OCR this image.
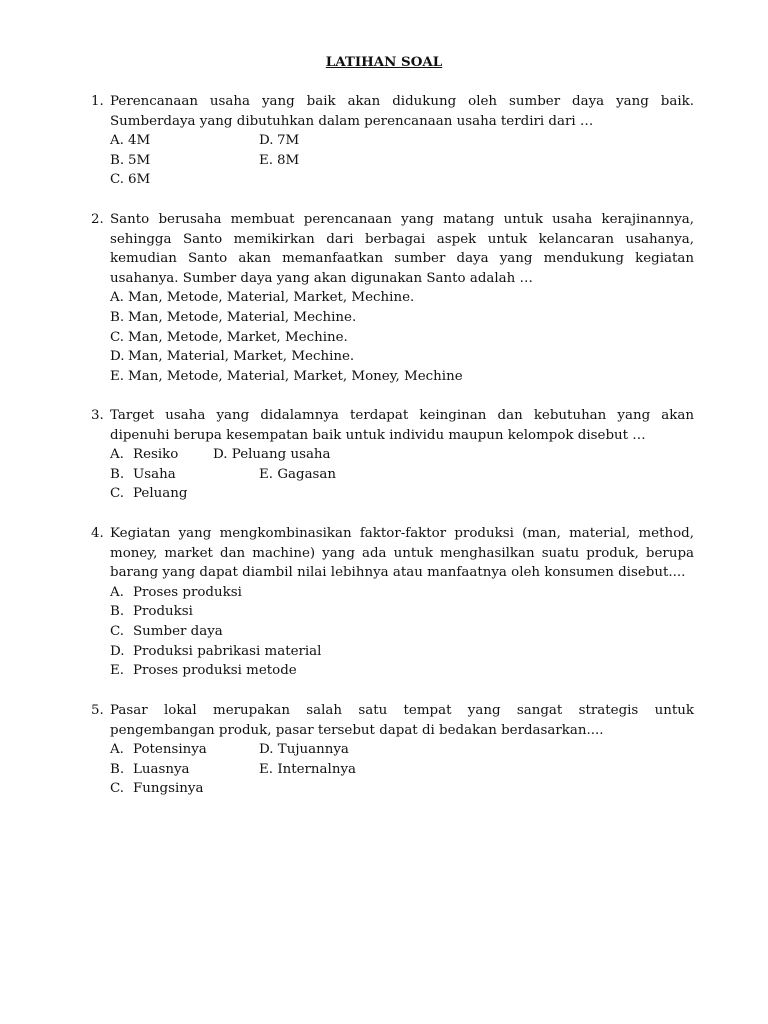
LATIHAN SOAL
1. Perencanaan usaha yang baik akan didukung oleh sumber daya yang baik. Sumberdaya yang dibutuhkan dalam perencanaan usaha terdiri dari …
A. 4M	D. 7M
B. 5M	E. 8M
C. 6M
2. Santo berusaha membuat perencanaan yang matang untuk usaha kerajinannya, sehingga Santo memikirkan dari berbagai aspek untuk kelancaran usahanya, kemudian Santo akan memanfaatkan sumber daya yang mendukung kegiatan usahanya. Sumber daya yang akan digunakan Santo adalah …
A. Man, Metode, Material, Market, Mechine.
B. Man, Metode, Material, Mechine.
C. Man, Metode, Market, Mechine.
D. Man, Material, Market, Mechine.
E. Man, Metode, Material, Market, Money, Mechine
3. Target usaha yang didalamnya terdapat keinginan dan kebutuhan yang akan dipenuhi berupa kesempatan baik untuk individu maupun kelompok disebut …
A. Resiko	D. Peluang usaha
B. Usaha	E. Gagasan
C. Peluang
4. Kegiatan yang mengkombinasikan faktor-faktor produksi (man, material, method, money, market dan machine) yang ada untuk menghasilkan suatu produk, berupa barang yang dapat diambil nilai lebihnya atau manfaatnya oleh konsumen disebut....
A. Proses produksi
B. Produksi
C. Sumber daya
D. Produksi pabrikasi material
E. Proses produksi metode
5. Pasar lokal merupakan salah satu tempat yang sangat strategis untuk pengembangan produk, pasar tersebut dapat di bedakan berdasarkan....
A. Potensinya	D. Tujuannya
B. Luasnya	E. Internalnya
C. Fungsinya
